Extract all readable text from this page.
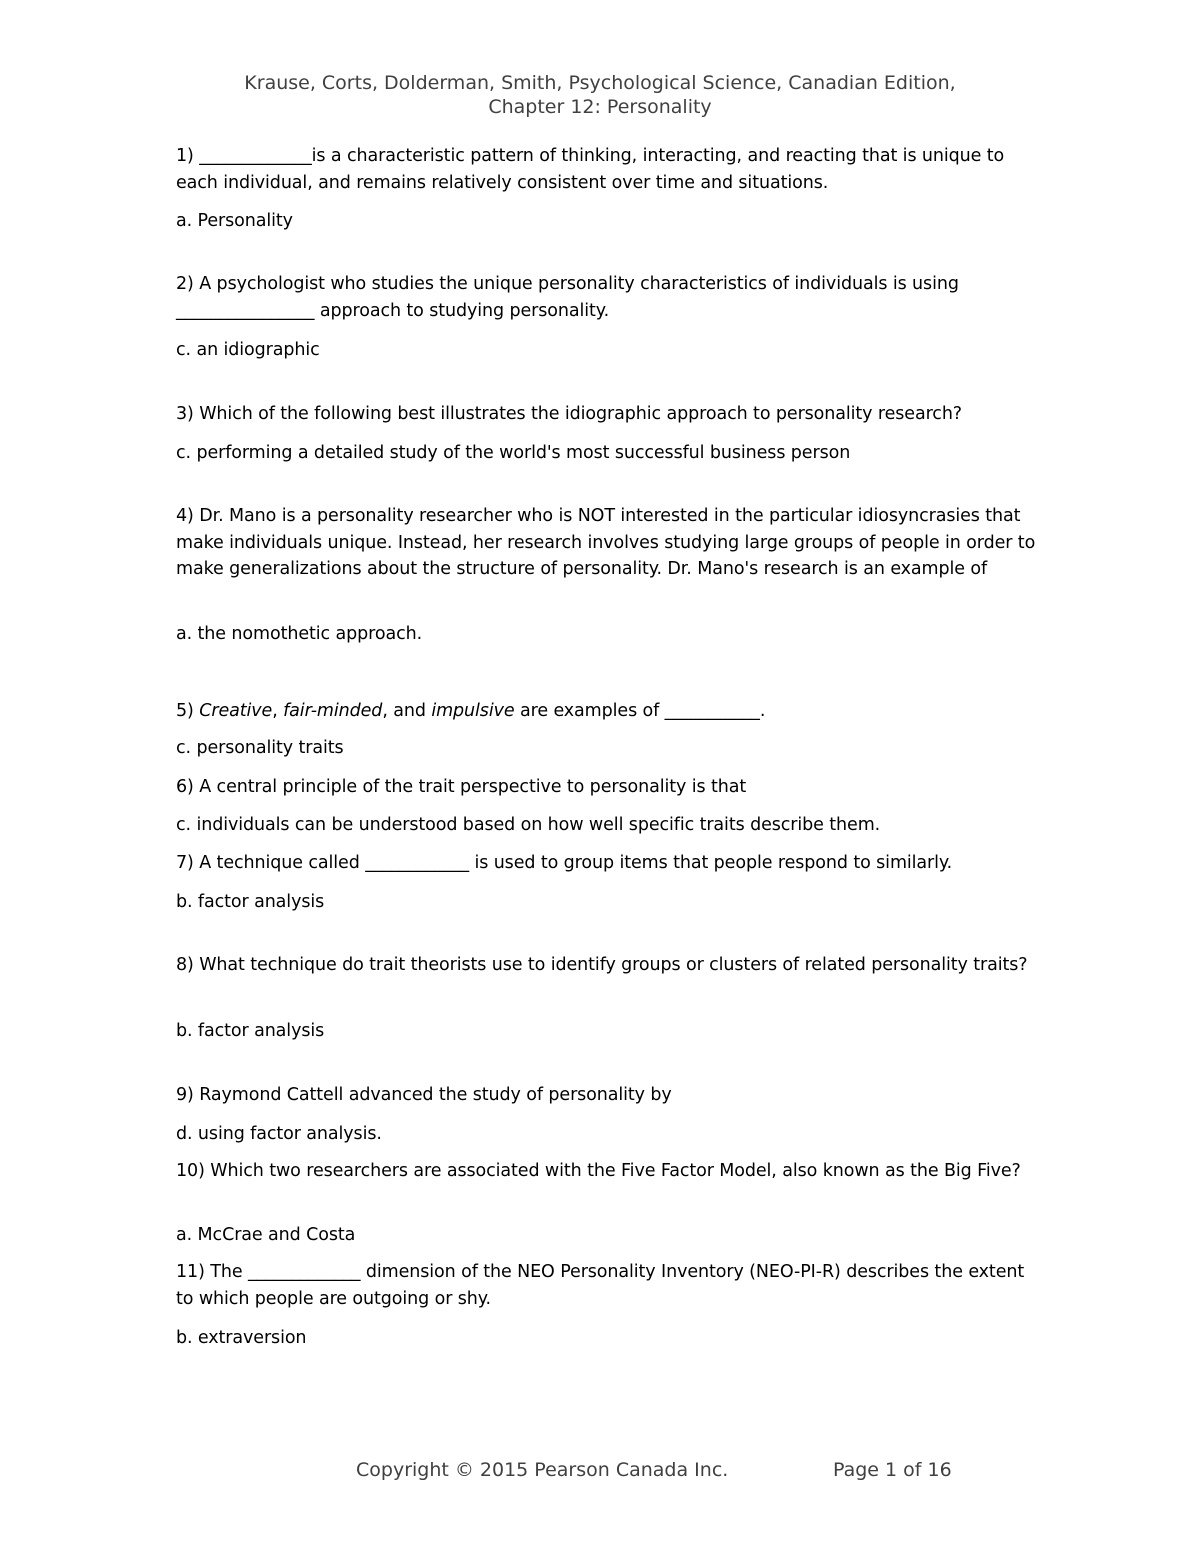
Krause, Corts, Dolderman, Smith, Psychological Science, Canadian Edition,
Chapter 12: Personality
1) _____________is a characteristic pattern of thinking, interacting, and reacting that is unique to each individual, and remains relatively consistent over time and situations.
a. Personality
2) A psychologist who studies the unique personality characteristics of individuals is using ________________ approach to studying personality.
c. an idiographic
3) Which of the following best illustrates the idiographic approach to personality research?
c. performing a detailed study of the world's most successful business person
4) Dr. Mano is a personality researcher who is NOT interested in the particular idiosyncrasies that make individuals unique. Instead, her research involves studying large groups of people in order to make generalizations about the structure of personality. Dr. Mano's research is an example of
a. the nomothetic approach.
5) Creative, fair-minded, and impulsive are examples of ___________.
c. personality traits
6) A central principle of the trait perspective to personality is that
c. individuals can be understood based on how well specific traits describe them.
7) A technique called ____________ is used to group items that people respond to similarly.
b. factor analysis
8) What technique do trait theorists use to identify groups or clusters of related personality traits?
b. factor analysis
9) Raymond Cattell advanced the study of personality by
d. using factor analysis.
10) Which two researchers are associated with the Five Factor Model, also known as the Big Five?
a. McCrae and Costa
11) The _____________ dimension of the NEO Personality Inventory (NEO-PI-R) describes the extent to which people are outgoing or shy.
b. extraversion
Copyright © 2015 Pearson Canada Inc.	Page 1 of 16
